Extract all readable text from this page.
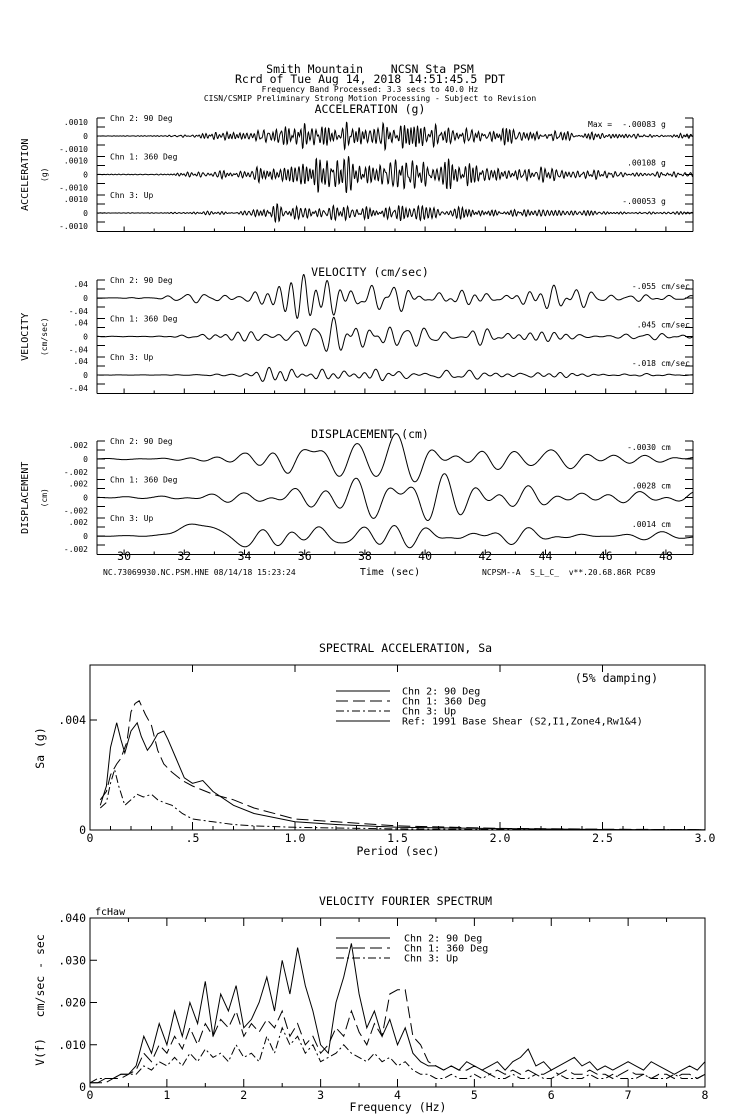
Smith Mountain    NCSN Sta PSM
Rcrd of Tue Aug 14, 2018 14:51:45.5 PDT
Frequency Band Processed: 3.3 secs to 40.0 Hz
CISN/CSMIP Preliminary Strong Motion Processing - Subject to Revision
ACCELERATION (g)
ACCELERATION (g)
.0010
0
-.0010
Chn 2: 90 Deg
Max = -.00083 g
.0010
0
-.0010
Chn 1: 360 Deg
.00108 g
.0010
0
-.0010
Chn 3: Up
-.00053 g
VELOCITY (cm/sec)
VELOCITY (cm/sec)
.04
0
-.04
Chn 2: 90 Deg
-.055 cm/sec
.04
0
-.04
Chn 1: 360 Deg
.045 cm/sec
.04
0
-.04
Chn 3: Up
-.018 cm/sec
DISPLACEMENT (cm)
DISPLACEMENT (cm)
.002
0
-.002
Chn 2: 90 Deg
-.0030 cm
.002
0
-.002
Chn 1: 360 Deg
.0028 cm
.002
0
-.002
Chn 3: Up
.0014 cm
30	32	34	36	38	40	42	44	46	48
Time (sec)
NC.73069930.NC.PSM.HNE 08/14/18 15:23:24	NCPSM--A  S_L_C_  v**.20.68.86R PC89
SPECTRAL ACCELERATION, Sa
0
.004
0	.5	1.0	1.5	2.0	2.5	3.0
Period (sec)
Sa (g)
(5% damping)
Chn 2: 90 Deg
Chn 1: 360 Deg
Chn 3: Up
Ref: 1991 Base Shear (S2,I1,Zone4,Rw1&4)
VELOCITY FOURIER SPECTRUM
0
.010
.020
.030
.040
0	1	2	3	4	5	6	7	8
Frequency (Hz)
V(f)   cm/sec - sec
fcHaw
Chn 2: 90 Deg
Chn 1: 360 Deg
Chn 3: Up
